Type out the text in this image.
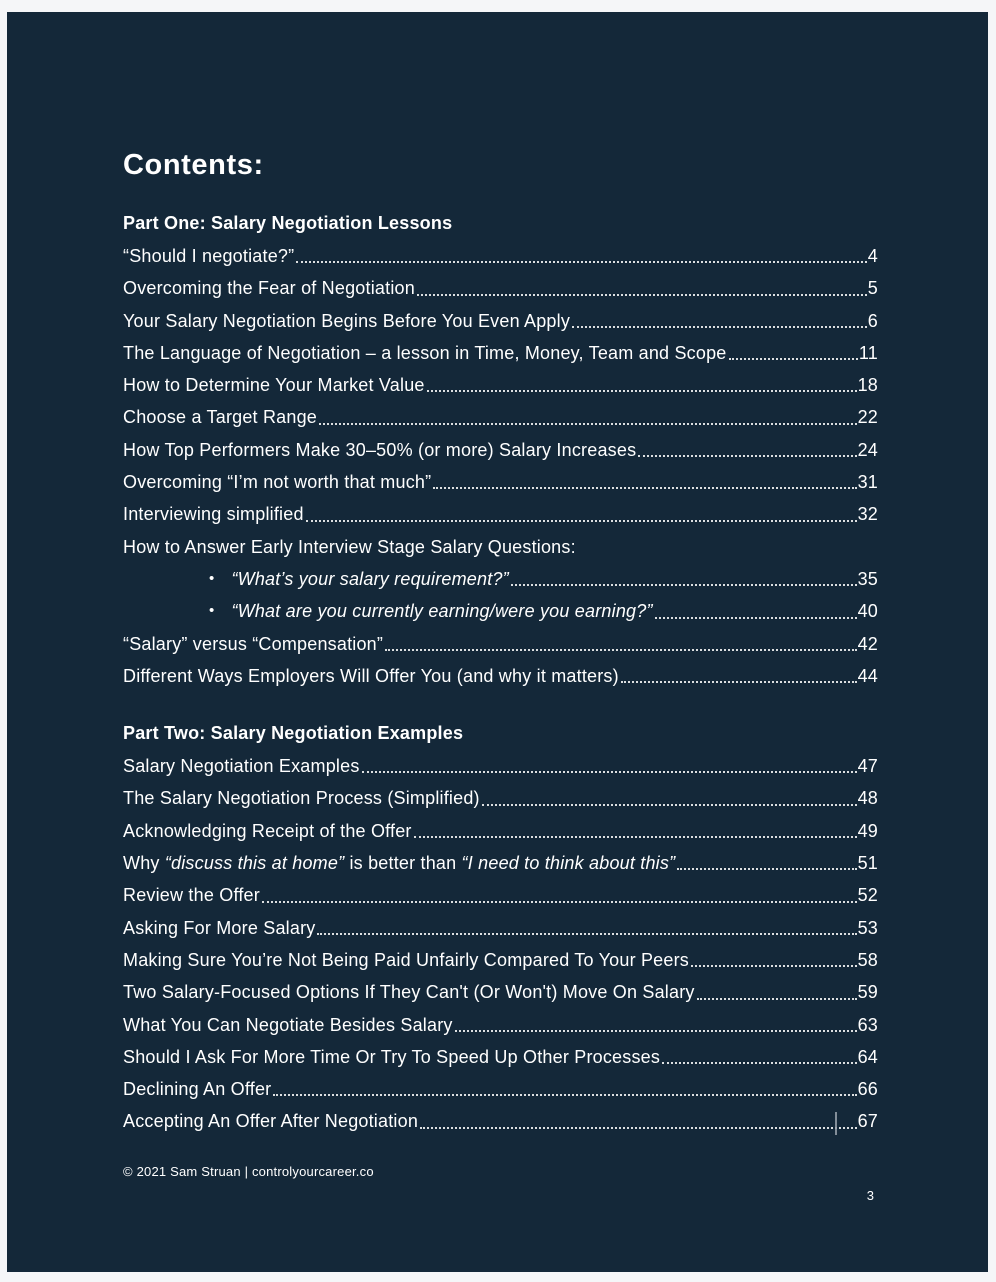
Contents:
Part One: Salary Negotiation Lessons
“Should I negotiate?”	4
Overcoming the Fear of Negotiation	5
Your Salary Negotiation Begins Before You Even Apply	6
The Language of Negotiation – a lesson in Time, Money, Team and Scope	11
How to Determine Your Market Value	18
Choose a Target Range	22
How Top Performers Make 30–50% (or more) Salary Increases	24
Overcoming “I’m not worth that much”	31
Interviewing simplified	32
How to Answer Early Interview Stage Salary Questions:
• “What’s your salary requirement?”	35
• “What are you currently earning/were you earning?”	40
“Salary” versus “Compensation”	42
Different Ways Employers Will Offer You (and why it matters)	44
Part Two: Salary Negotiation Examples
Salary Negotiation Examples	47
The Salary Negotiation Process (Simplified)	48
Acknowledging Receipt of the Offer	49
Why “discuss this at home” is better than “I need to think about this”	51
Review the Offer	52
Asking For More Salary	53
Making Sure You’re Not Being Paid Unfairly Compared To Your Peers	58
Two Salary-Focused Options If They Can't (Or Won't) Move On Salary	59
What You Can Negotiate Besides Salary	63
Should I Ask For More Time Or Try To Speed Up Other Processes	64
Declining An Offer	66
Accepting An Offer After Negotiation	67
© 2021 Sam Struan | controlyourcareer.co
3
